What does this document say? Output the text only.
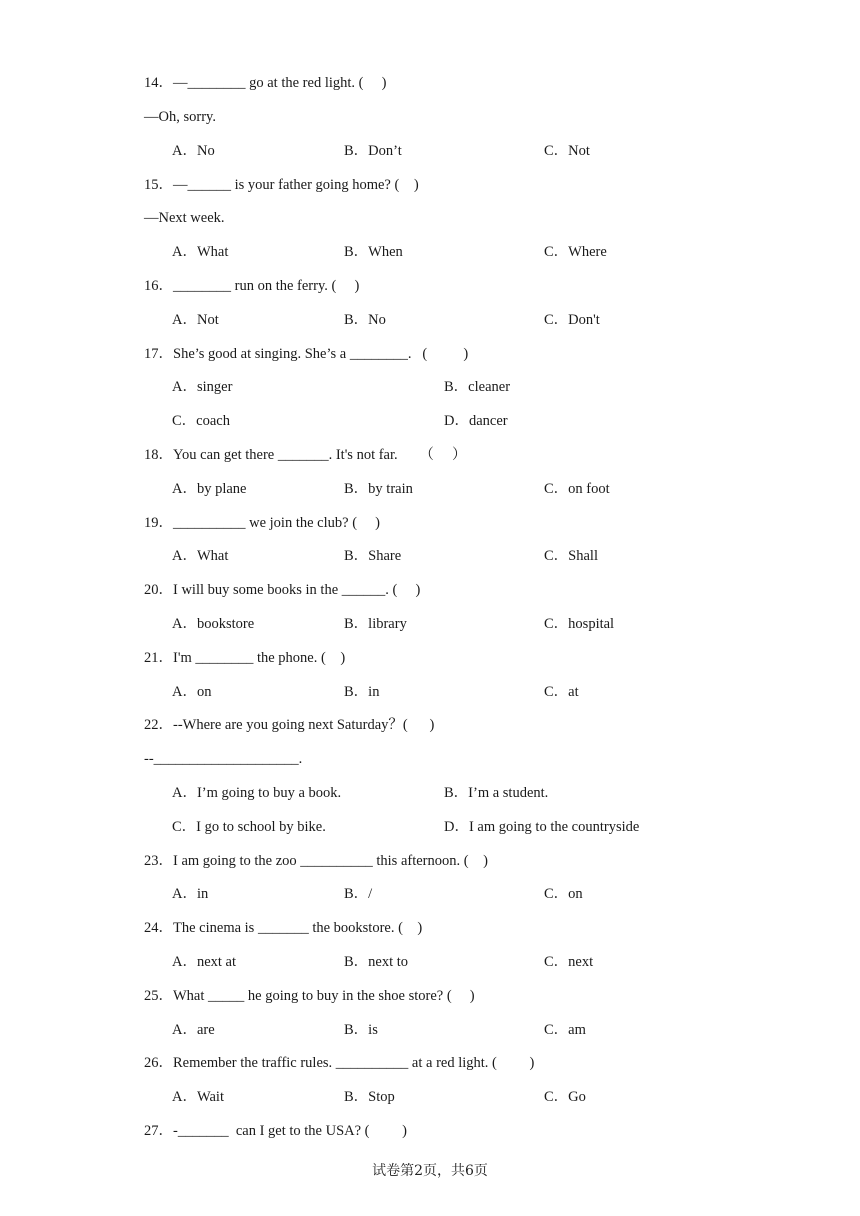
14．—________ go at the red light. (     )
—Oh, sorry.
A．No	B．Don’t	C．Not
15．—______ is your father going home? (    )
—Next week.
A．What	B．When	C．Where
16．________ run on the ferry. (     )
A．Not	B．No	C．Don't
17．She’s good at singing. She’s a ________.   (          )
A．singer	B．cleaner
C．coach	D．dancer
18．You can get there _______. It's not far.      （     ）
A．by plane	B．by train	C．on foot
19．__________ we join the club? (     )
A．What	B．Share	C．Shall
20．I will buy some books in the ______. (     )
A．bookstore	B．library	C．hospital
21．I'm ________ the phone. (    )
A．on	B．in	C．at
22．--Where are you going next Saturday？(      )
--____________________.
A．I’m going to buy a book.	B．I’m a student.
C．I go to school by bike.	D．I am going to the countryside
23．I am going to the zoo __________ this afternoon. (    )
A．in	B．/	C．on
24．The cinema is _______ the bookstore. (    )
A．next at	B．next to	C．next
25．What _____ he going to buy in the shoe store? (     )
A．are	B．is	C．am
26．Remember the traffic rules. __________ at a red light. (         )
A．Wait	B．Stop	C．Go
27．-_______  can I get to the USA? (         )
试卷第2页，共6页
